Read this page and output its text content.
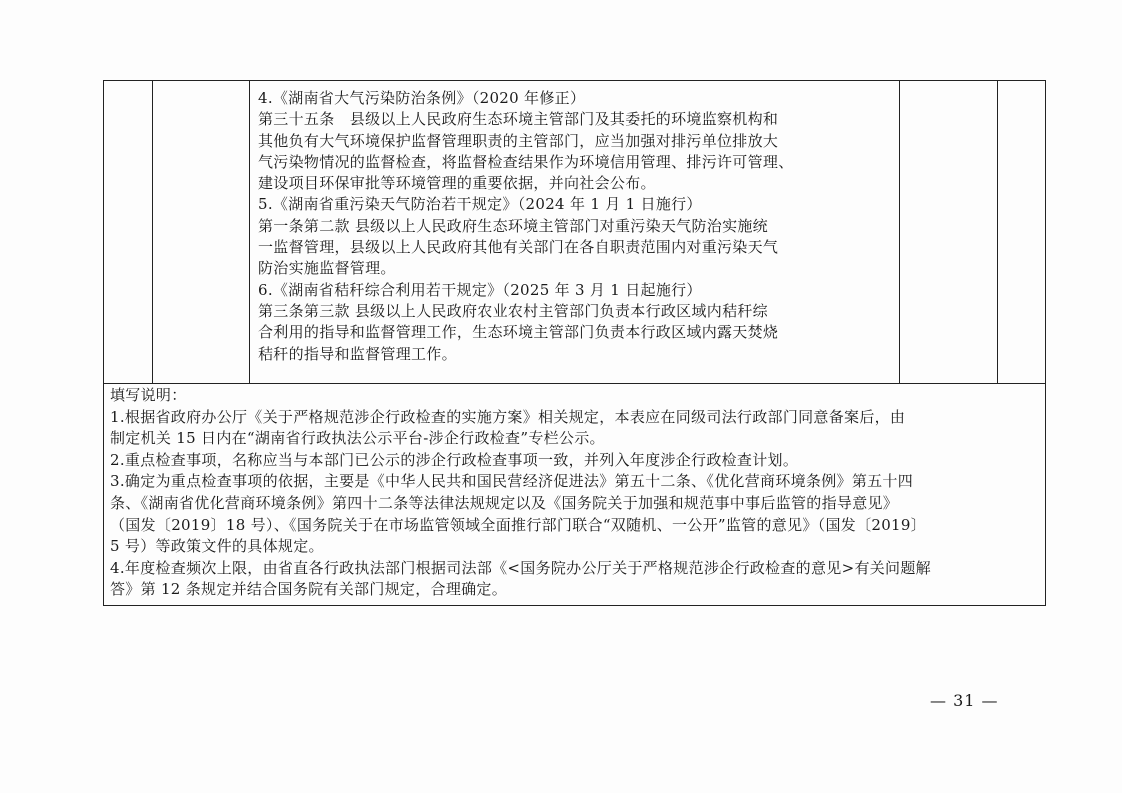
4.《湖南省大气污染防治条例》（2020 年修正）

第三十五条　县级以上人民政府生态环境主管部门及其委托的环境监察机构和
其他负有大气环境保护监督管理职责的主管部门，应当加强对排污单位排放大
气污染物情况的监督检查，将监督检查结果作为环境信用管理、排污许可管理、
建设项目环保审批等环境管理的重要依据，并向社会公布。

5.《湖南省重污染天气防治若干规定》（2024 年 1 月 1 日施行）

第一条第二款 县级以上人民政府生态环境主管部门对重污染天气防治实施统
一监督管理，县级以上人民政府其他有关部门在各自职责范围内对重污染天气
防治实施监督管理。

6.《湖南省秸秆综合利用若干规定》（2025 年 3 月 1 日起施行）

第三条第三款 县级以上人民政府农业农村主管部门负责本行政区域内秸秆综
合利用的指导和监督管理工作，生态环境主管部门负责本行政区域内露天焚烧
秸秆的指导和监督管理工作。

填写说明：

1.根据省政府办公厅《关于严格规范涉企行政检查的实施方案》相关规定，本表应在同级司法行政部门同意备案后，由

制定机关 15 日内在“湖南省行政执法公示平台-涉企行政检查”专栏公示。

2.重点检查事项，名称应当与本部门已公示的涉企行政检查事项一致，并列入年度涉企行政检查计划。

3.确定为重点检查事项的依据，主要是《中华人民共和国民营经济促进法》第五十二条、《优化营商环境条例》第五十四

条、《湖南省优化营商环境条例》第四十二条等法律法规规定以及《国务院关于加强和规范事中事后监管的指导意见》

（国发〔2019〕18 号）、《国务院关于在市场监管领域全面推行部门联合“双随机、一公开”监管的意见》（国发〔2019〕

5 号）等政策文件的具体规定。

4.年度检查频次上限，由省直各行政执法部门根据司法部《<国务院办公厅关于严格规范涉企行政检查的意见>有关问题解

答》第 12 条规定并结合国务院有关部门规定，合理确定。

— 31 —
